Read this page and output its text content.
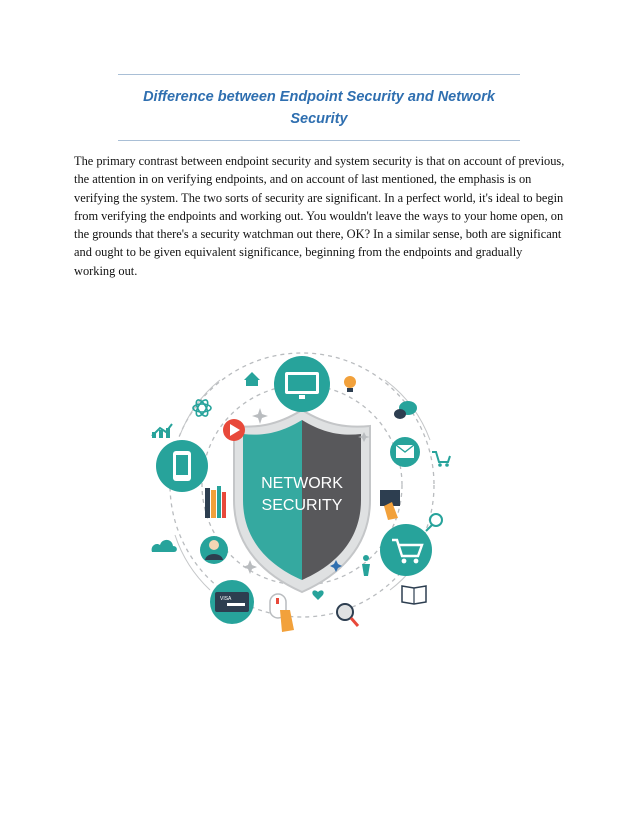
Difference between Endpoint Security and Network Security
The primary contrast between endpoint security and system security is that on account of previous, the attention in on verifying endpoints, and on account of last mentioned, the emphasis is on verifying the system. The two sorts of security are significant. In a perfect world, it's ideal to begin from verifying the endpoints and working out. You wouldn't leave the ways to your home open, on the grounds that there's a security watchman out there, OK? In a similar sense, both are significant and ought to be given equivalent significance, beginning from the endpoints and gradually working out.
NETWORK
SECURITY
VISA
